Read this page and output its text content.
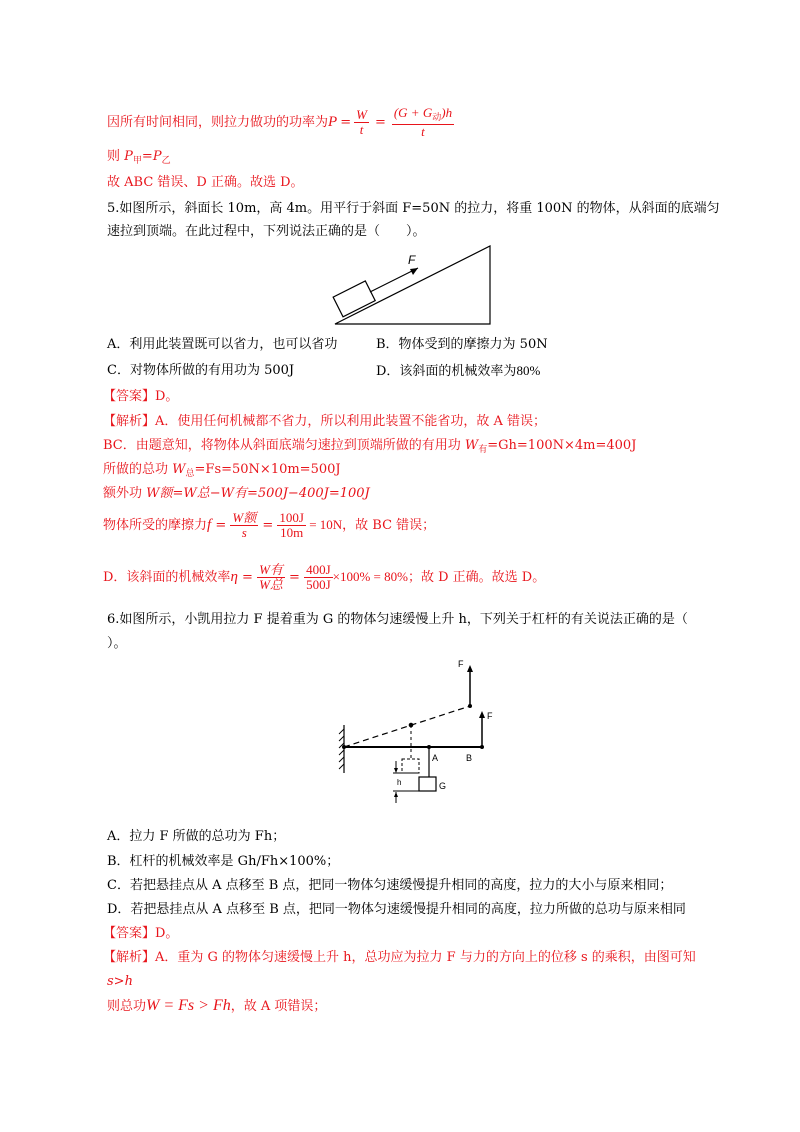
因所有时间相同，则拉力做功的功率为$P = \frac{W}{t} = \frac{(G + G_动)h}{t}$
则 $P_甲=P_乙$
故 ABC 错误、D 正确。故选 D。
5.如图所示，斜面长 10m，高 4m。用平行于斜面 F=50N 的拉力，将重 100N 的物体，从斜面的底端匀
速拉到顶端。在此过程中，下列说法正确的是（　　）。
F
A．利用此装置既可以省力，也可以省功	B．物体受到的摩擦力为 50N
C．对物体所做的有用功为 500J	D．该斜面的机械效率为80%
【答案】D。
【解析】A．使用任何机械都不省力，所以利用此装置不能省功，故 A 错误；
BC．由题意知，将物体从斜面底端匀速拉到顶端所做的有用功 $W_有=Gh=100N\times 4m=400J$
所做的总功 $W_总=Fs=50N\times 10m=500J$
额外功 W额=W总−W有=500J−400J=100J
物体所受的摩擦力$f = \frac{\text{W额}}{s} = \frac{100J}{10m} = 10N$，故 BC 错误；
D．该斜面的机械效率$\eta = \frac{\text{W有}}{\text{W总}} = \frac{400J}{500J} \times 100\% = 80\%$；故 D 正确。故选 D。
6.如图所示，小凯用拉力 F 提着重为 G 的物体匀速缓慢上升 h，下列关于杠杆的有关说法正确的是（
）。
F
F
A	B
G
h
A．拉力 F 所做的总功为 Fh；
B．杠杆的机械效率是 Gh/Fh×100%；
C．若把悬挂点从 A 点移至 B 点，把同一物体匀速缓慢提升相同的高度，拉力的大小与原来相同；
D．若把悬挂点从 A 点移至 B 点，把同一物体匀速缓慢提升相同的高度，拉力所做的总功与原来相同
【答案】D。
【解析】A．重为 G 的物体匀速缓慢上升 h，总功应为拉力 F 与力的方向上的位移 s 的乘积，由图可知
s>h
则总功W = Fs > Fh，故 A 项错误；
